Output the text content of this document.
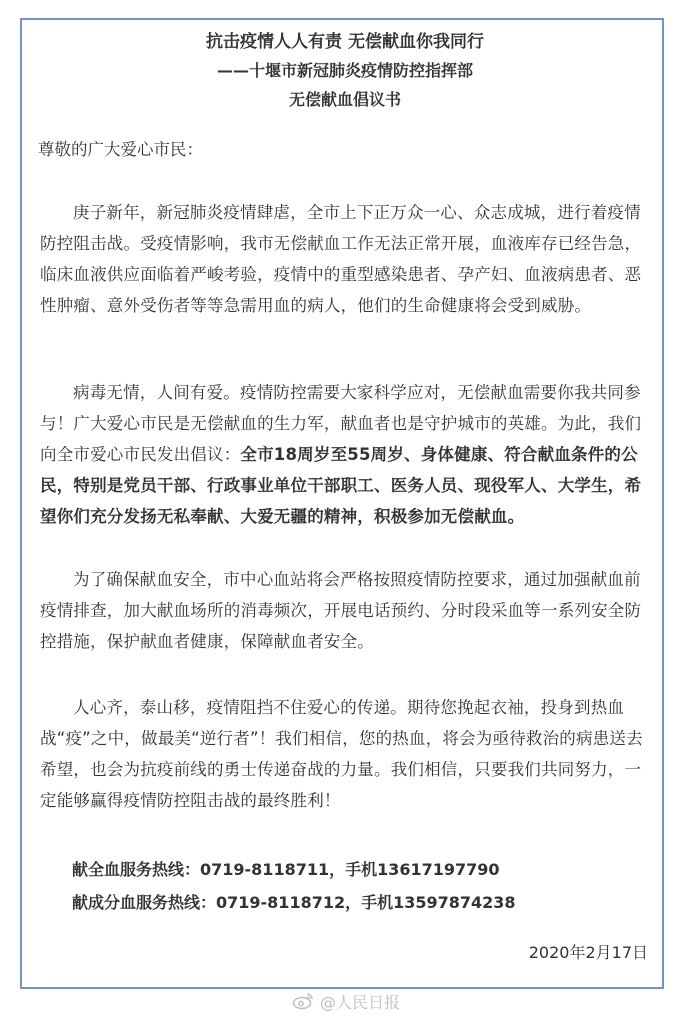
抗击疫情人人有责 无偿献血你我同行
——十堰市新冠肺炎疫情防控指挥部
无偿献血倡议书
尊敬的广大爱心市民：
庚子新年，新冠肺炎疫情肆虐，全市上下正万众一心、众志成城，进行着疫情防控阻击战。受疫情影响，我市无偿献血工作无法正常开展，血液库存已经告急，临床血液供应面临着严峻考验，疫情中的重型感染患者、孕产妇、血液病患者、恶性肿瘤、意外受伤者等等急需用血的病人，他们的生命健康将会受到威胁。
病毒无情，人间有爱。疫情防控需要大家科学应对，无偿献血需要你我共同参与！广大爱心市民是无偿献血的生力军，献血者也是守护城市的英雄。为此，我们向全市爱心市民发出倡议：全市18周岁至55周岁、身体健康、符合献血条件的公民，特别是党员干部、行政事业单位干部职工、医务人员、现役军人、大学生，希望你们充分发扬无私奉献、大爱无疆的精神，积极参加无偿献血。
为了确保献血安全，市中心血站将会严格按照疫情防控要求，通过加强献血前疫情排查，加大献血场所的消毒频次，开展电话预约、分时段采血等一系列安全防控措施，保护献血者健康，保障献血者安全。
人心齐，泰山移，疫情阻挡不住爱心的传递。期待您挽起衣袖，投身到热血战“疫”之中，做最美“逆行者”！我们相信，您的热血，将会为亟待救治的病患送去希望，也会为抗疫前线的勇士传递奋战的力量。我们相信，只要我们共同努力，一定能够赢得疫情防控阻击战的最终胜利！
献全血服务热线：0719-8118711，手机13617197790
献成分血服务热线：0719-8118712，手机13597874238
2020年2月17日
@人民日报
